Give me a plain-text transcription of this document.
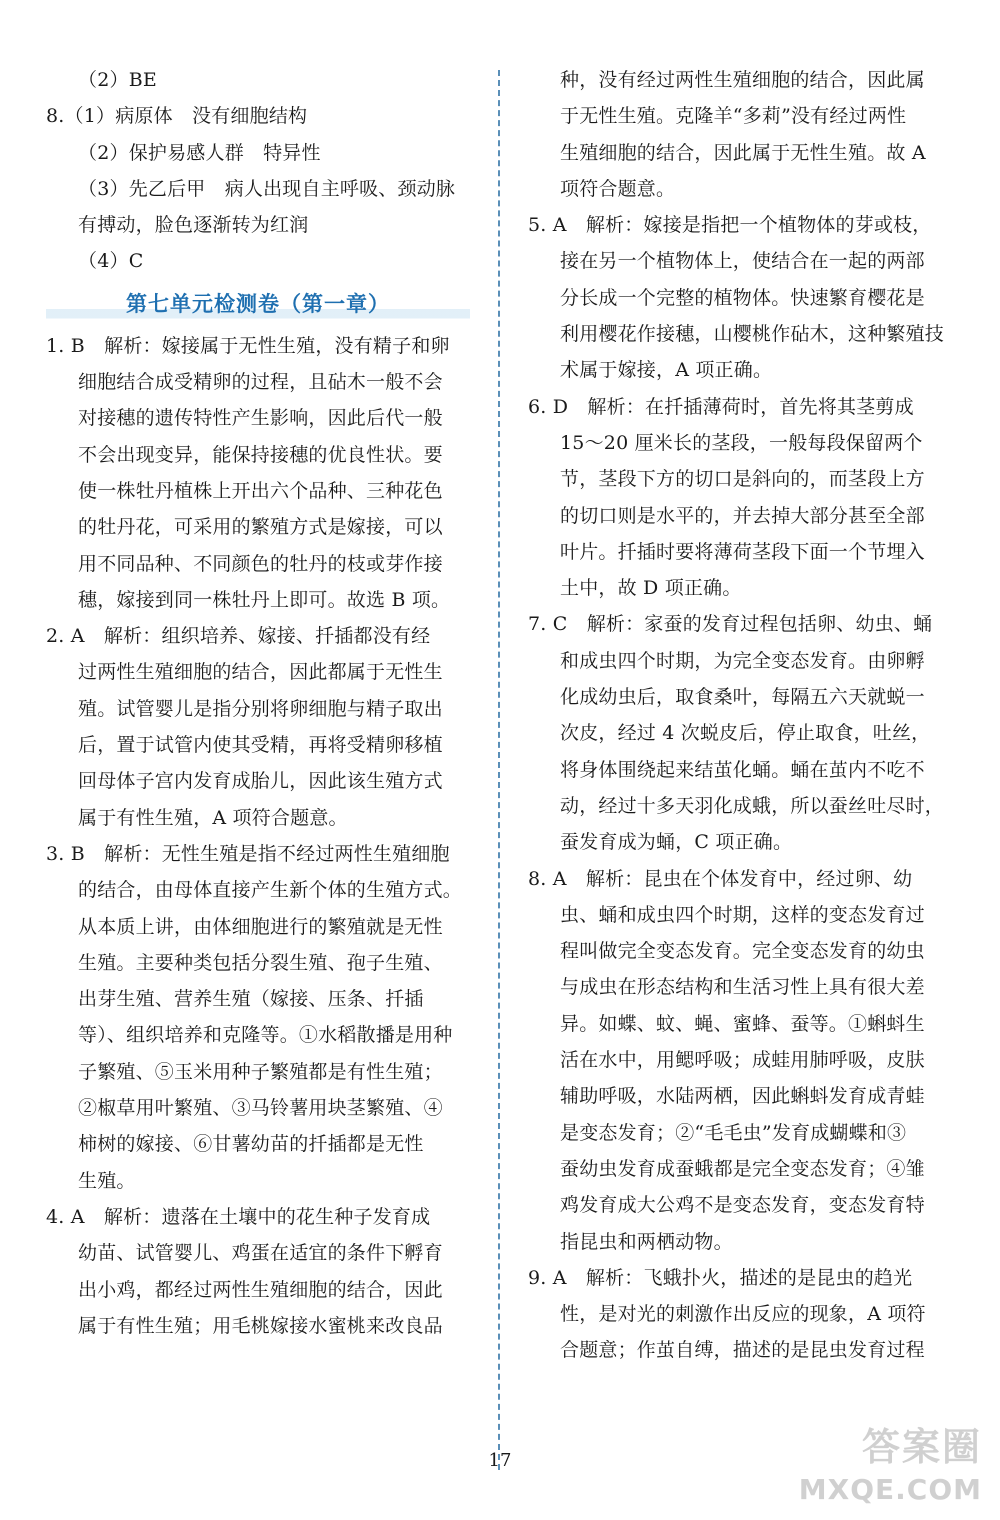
（2）BE
8.（1）病原体　没有细胞结构
（2）保护易感人群　特异性
（3）先乙后甲　病人出现自主呼吸、颈动脉
有搏动，脸色逐渐转为红润
（4）C
第七单元检测卷（第一章）
1. B　解析：嫁接属于无性生殖，没有精子和卵
细胞结合成受精卵的过程，且砧木一般不会
对接穗的遗传特性产生影响，因此后代一般
不会出现变异，能保持接穗的优良性状。要
使一株牡丹植株上开出六个品种、三种花色
的牡丹花，可采用的繁殖方式是嫁接，可以
用不同品种、不同颜色的牡丹的枝或芽作接
穗，嫁接到同一株牡丹上即可。故选 B 项。
2. A　解析：组织培养、嫁接、扦插都没有经
过两性生殖细胞的结合，因此都属于无性生
殖。试管婴儿是指分别将卵细胞与精子取出
后，置于试管内使其受精，再将受精卵移植
回母体子宫内发育成胎儿，因此该生殖方式
属于有性生殖，A 项符合题意。
3. B　解析：无性生殖是指不经过两性生殖细胞
的结合，由母体直接产生新个体的生殖方式。
从本质上讲，由体细胞进行的繁殖就是无性
生殖。主要种类包括分裂生殖、孢子生殖、
出芽生殖、营养生殖（嫁接、压条、扦插
等）、组织培养和克隆等。①水稻散播是用种
子繁殖、⑤玉米用种子繁殖都是有性生殖；
②椒草用叶繁殖、③马铃薯用块茎繁殖、④
柿树的嫁接、⑥甘薯幼苗的扦插都是无性
生殖。
4. A　解析：遗落在土壤中的花生种子发育成
幼苗、试管婴儿、鸡蛋在适宜的条件下孵育
出小鸡，都经过两性生殖细胞的结合，因此
属于有性生殖；用毛桃嫁接水蜜桃来改良品
种，没有经过两性生殖细胞的结合，因此属
于无性生殖。克隆羊“多莉”没有经过两性
生殖细胞的结合，因此属于无性生殖。故 A
项符合题意。
5. A　解析：嫁接是指把一个植物体的芽或枝，
接在另一个植物体上，使结合在一起的两部
分长成一个完整的植物体。快速繁育樱花是
利用樱花作接穗，山樱桃作砧木，这种繁殖技
术属于嫁接，A 项正确。
6. D　解析：在扦插薄荷时，首先将其茎剪成
15～20 厘米长的茎段，一般每段保留两个
节，茎段下方的切口是斜向的，而茎段上方
的切口则是水平的，并去掉大部分甚至全部
叶片。扦插时要将薄荷茎段下面一个节埋入
土中，故 D 项正确。
7. C　解析：家蚕的发育过程包括卵、幼虫、蛹
和成虫四个时期，为完全变态发育。由卵孵
化成幼虫后，取食桑叶，每隔五六天就蜕一
次皮，经过 4 次蜕皮后，停止取食，吐丝，
将身体围绕起来结茧化蛹。蛹在茧内不吃不
动，经过十多天羽化成蛾，所以蚕丝吐尽时，
蚕发育成为蛹，C 项正确。
8. A　解析：昆虫在个体发育中，经过卵、幼
虫、蛹和成虫四个时期，这样的变态发育过
程叫做完全变态发育。完全变态发育的幼虫
与成虫在形态结构和生活习性上具有很大差
异。如蝶、蚊、蝇、蜜蜂、蚕等。①蝌蚪生
活在水中，用鳃呼吸；成蛙用肺呼吸，皮肤
辅助呼吸，水陆两栖，因此蝌蚪发育成青蛙
是变态发育；②“毛毛虫”发育成蝴蝶和③
蚕幼虫发育成蚕蛾都是完全变态发育；④雏
鸡发育成大公鸡不是变态发育，变态发育特
指昆虫和两栖动物。
9. A　解析：飞蛾扑火，描述的是昆虫的趋光
性，是对光的刺激作出反应的现象，A 项符
合题意；作茧自缚，描述的是昆虫发育过程
17	答案圈
MXQE.COM
